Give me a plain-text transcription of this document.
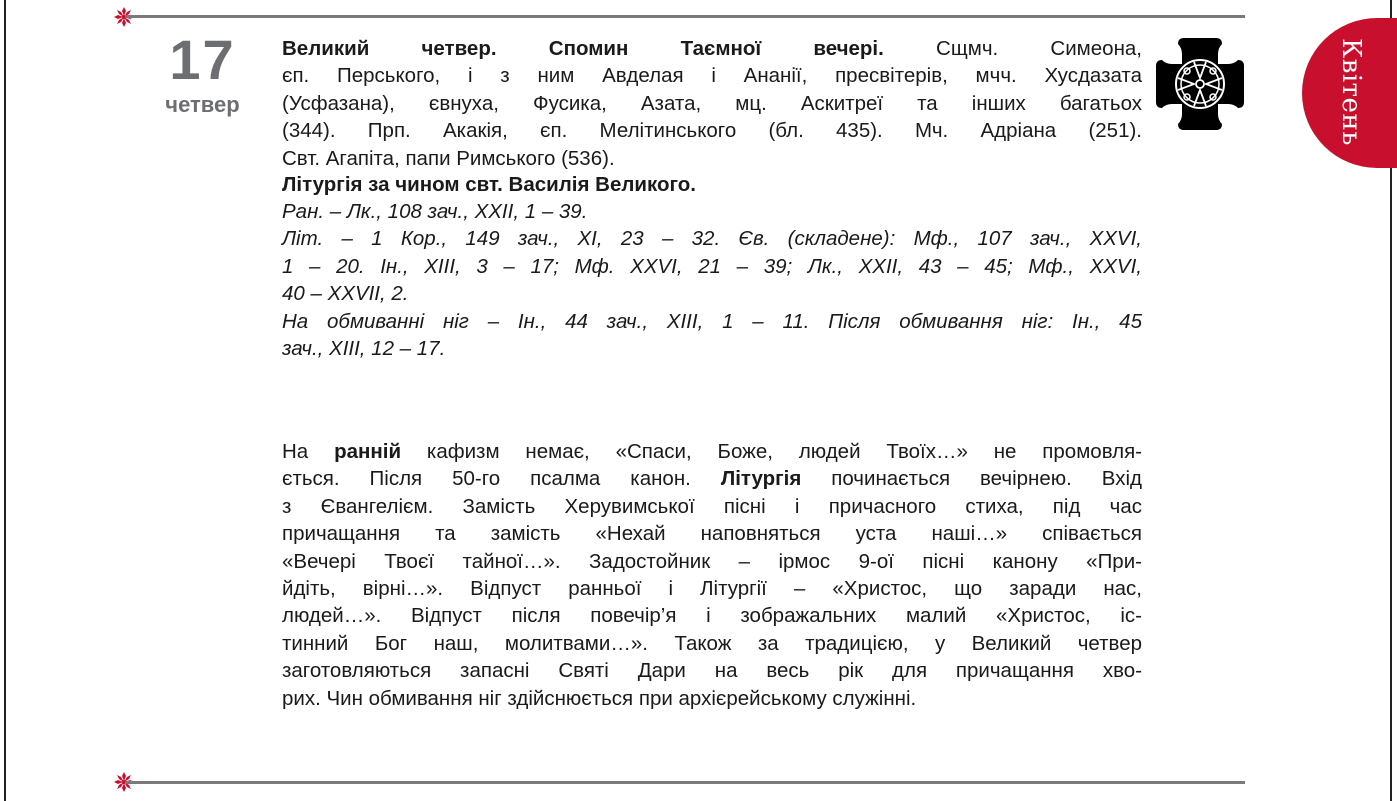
Квітень
17
четвер
Великий четвер. Спомин Таємної вечері. Сщмч. Симеона,
єп. Перського, і з ним Авделая і Ананії, пресвітерів, мчч. Хусдазата
(Усфазана), євнуха, Фусика, Азата, мц. Аскитреї та інших багатьох
(344). Прп. Акакія, єп. Мелітинського (бл. 435). Мч. Адріана (251).
Свт. Агапіта, папи Римського (536).
Літургія за чином свт. Василія Великого.
Ран. – Лк., 108 зач., XXII, 1 – 39.
Літ. – 1 Кор., 149 зач., XI, 23 – 32. Єв. (складене): Мф., 107 зач., XXVI,
1 – 20. Ін., XIII, 3 – 17; Мф. XXVI, 21 – 39; Лк., XXII, 43 – 45; Мф., XXVI,
40 – XXVII, 2.
На обмиванні ніг – Ін., 44 зач., XIII, 1 – 11. Після обмивання ніг: Ін., 45
зач., XIII, 12 – 17.
На ранній кафизм немає, «Спаси, Боже, людей Твоїх…» не промовля-
ється. Після 50-го псалма канон. Літургія починається вечірнею. Вхід
з Євангелієм. Замість Херувимської пісні і причасного стиха, під час
причащання та замість «Нехай наповняться уста наші…» співається
«Вечері Твоєї тайної…». Задостойник – ірмос 9-ої пісні канону «При-
йдіть, вірні…». Відпуст ранньої і Літургії – «Христос, що заради нас,
людей…». Відпуст після повечір’я і зображальних малий «Христос, іс-
тинний Бог наш, молитвами…». Також за традицією, у Великий четвер
заготовляються запасні Святі Дари на весь рік для причащання хво-
рих. Чин обмивання ніг здійснюється при архієрейському служінні.
